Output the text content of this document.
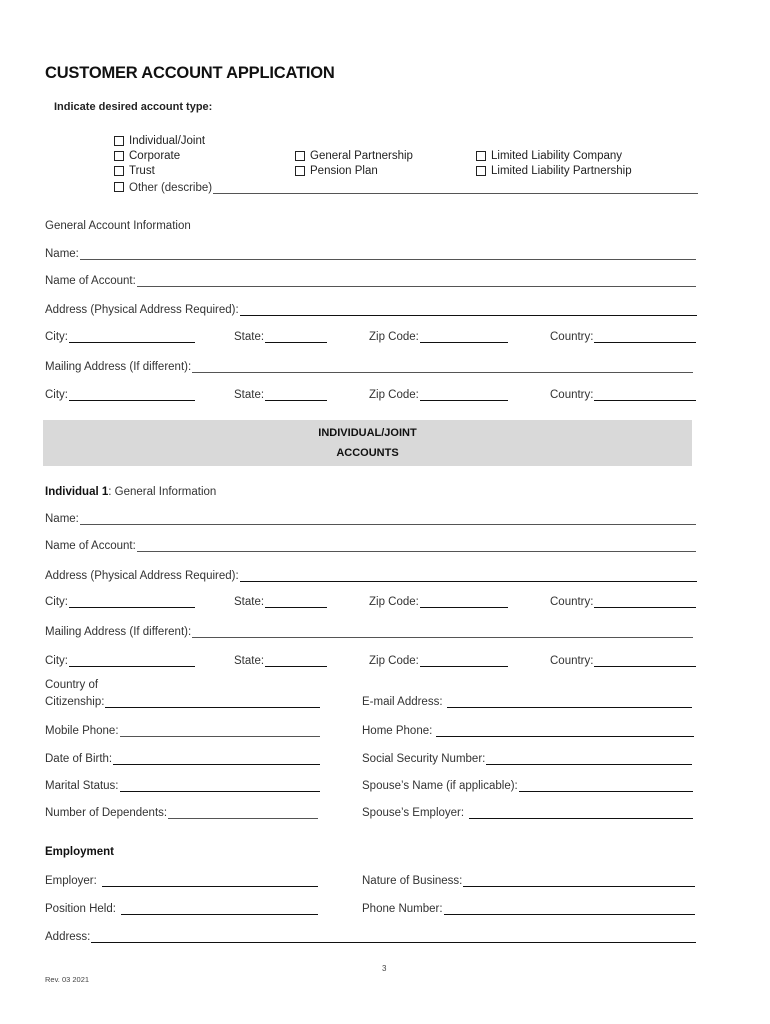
CUSTOMER ACCOUNT APPLICATION
Indicate desired account type:
Individual/Joint
Corporate
Trust
Other (describe)
General Partnership
Pension Plan
Limited Liability Company
Limited Liability Partnership
General Account Information
Name:
Name of Account:
Address (Physical Address Required):
City:	State:	Zip Code:	Country:
Mailing Address (If different):
City:	State:	Zip Code:	Country:
INDIVIDUAL/JOINT
ACCOUNTS
Individual 1: General Information
Name:
Name of Account:
Address (Physical Address Required):
City:	State:	Zip Code:	Country:
Mailing Address (If different):
City:	State:	Zip Code:	Country:
Country of
Citizenship:	E-mail Address:
Mobile Phone:	Home Phone:
Date of Birth:	Social Security Number:
Marital Status:	Spouse’s Name (if applicable):
Number of Dependents:	Spouse’s Employer:
Employment
Employer:	Nature of Business:
Position Held:	Phone Number:
Address:
3
Rev. 03 2021
